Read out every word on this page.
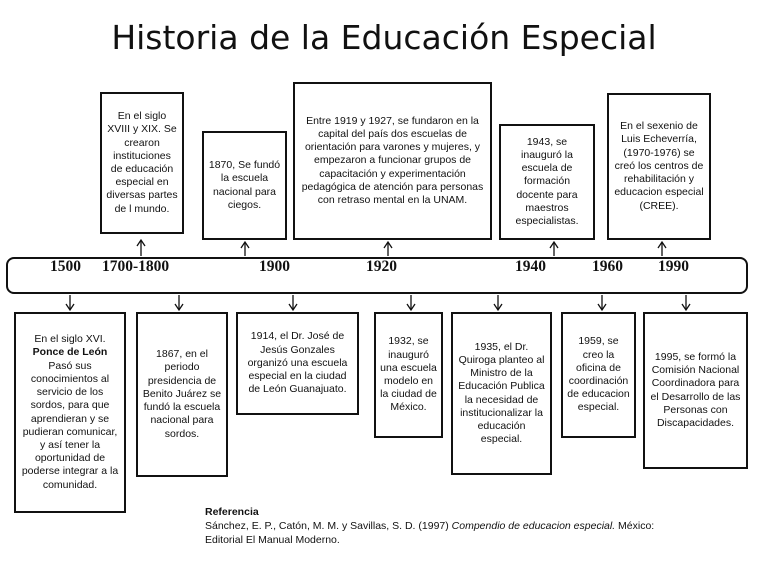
Historia de la Educación Especial
En el siglo XVIII y XIX. Se crearon instituciones de educación especial en diversas partes de l mundo.
1870, Se fundó la escuela nacional para ciegos.
Entre 1919 y 1927, se fundaron en la capital del país dos escuelas de orientación para varones y mujeres, y empezaron a funcionar grupos de capacitación y experimentación pedagógica de atención para personas con retraso mental en la UNAM.
1943, se inauguró la escuela de formación docente para maestros especialistas.
En el sexenio de Luis Echeverría, (1970-1976) se creó los centros de rehabilitación y educacion especial (CREE).
1500 1700-1800	1900	1920	1940	1960 1990
En el siglo XVI.
Ponce de León
Pasó sus conocimientos al servicio de los sordos, para que aprendieran y se pudieran comunicar, y así tener la oportunidad de poderse integrar a la comunidad.
1867, en el periodo presidencia de Benito Juárez se fundó la escuela nacional para sordos.
1914, el Dr. José de Jesús Gonzales organizó una escuela especial en la ciudad de León Guanajuato.
1932, se inauguró una escuela modelo en la ciudad de México.
1935, el Dr. Quiroga planteo al Ministro de la Educación Publica la necesidad de institucionalizar la educación especial.
1959, se creo la oficina de coordinación de educacion especial.
1995, se formó la Comisión Nacional Coordinadora para el Desarrollo de las Personas con Discapacidades.
Referencia
Sánchez, E. P., Catón, M. M. y Savillas, S. D. (1997) Compendio de educacion especial. México:
Editorial El Manual Moderno.
